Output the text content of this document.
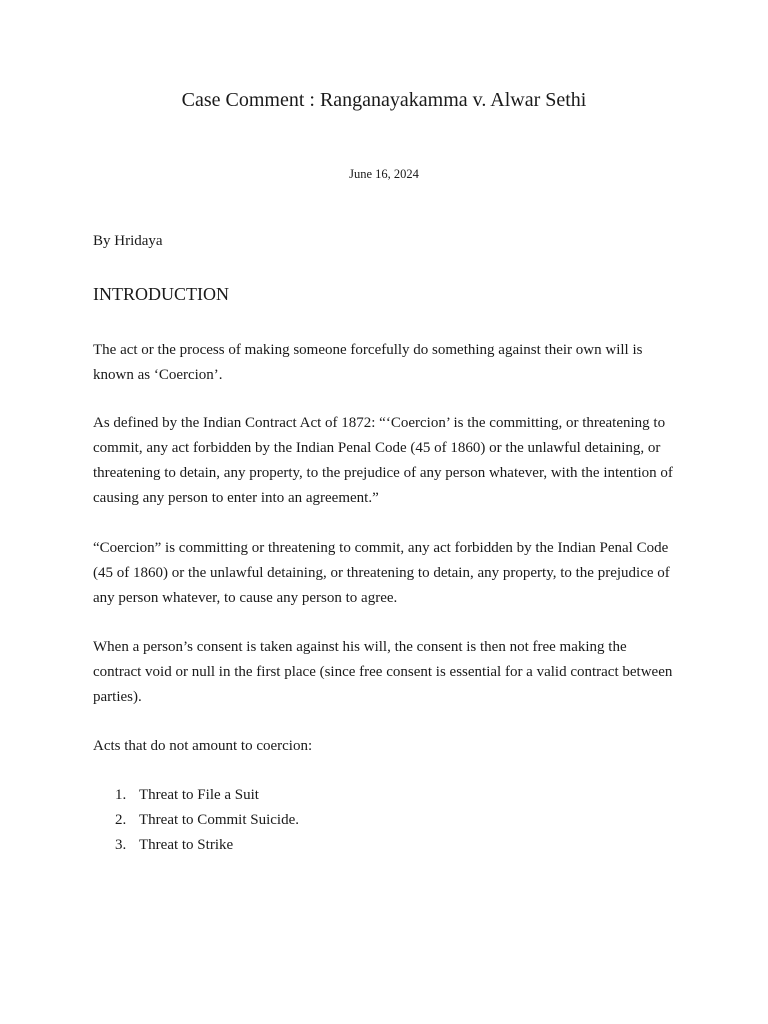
Case Comment : Ranganayakamma v. Alwar Sethi
June 16, 2024
By Hridaya
INTRODUCTION

The act or the process of making someone forcefully do something against their own will is known as ‘Coercion’.

As defined by the Indian Contract Act of 1872: “‘Coercion’ is the committing, or threatening to commit, any act forbidden by the Indian Penal Code (45 of 1860) or the unlawful detaining, or threatening to detain, any property, to the prejudice of any person whatever, with the intention of causing any person to enter into an agreement.”

“Coercion” is committing or threatening to commit, any act forbidden by the Indian Penal Code (45 of 1860) or the unlawful detaining, or threatening to detain, any property, to the prejudice of any person whatever, to cause any person to agree.

When a person’s consent is taken against his will, the consent is then not free making the contract void or null in the first place (since free consent is essential for a valid contract between parties).

Acts that do not amount to coercion:

1. Threat to File a Suit
2. Threat to Commit Suicide.
3. Threat to Strike
